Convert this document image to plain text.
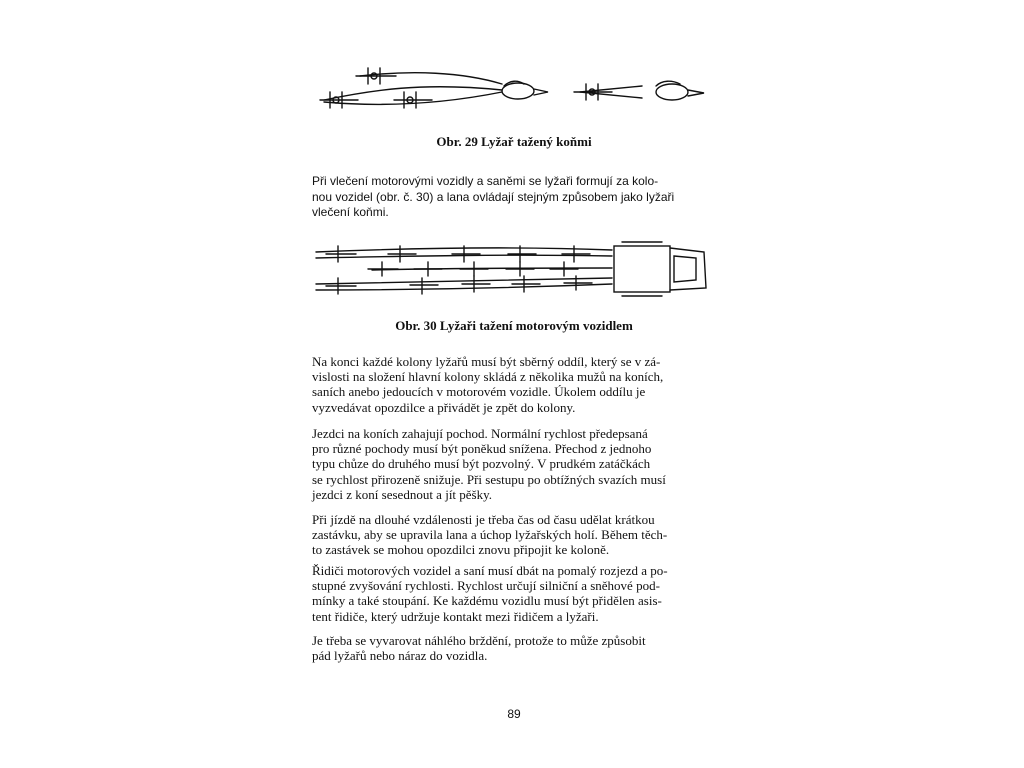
Obr. 29 Lyžař tažený koňmi

Při vlečení motorovými vozidly a saněmi se lyžaři formují za kolo-
nou vozidel (obr. č. 30) a lana ovládají stejným způsobem jako lyžaři
vlečení koňmi.

Obr. 30 Lyžaři tažení motorovým vozidlem

Na konci každé kolony lyžařů musí být sběrný oddíl, který se v zá-
vislosti na složení hlavní kolony skládá z několika mužů na koních,
saních anebo jedoucích v motorovém vozidle. Úkolem oddílu je
vyzvedávat opozdilce a přivádět je zpět do kolony.

Jezdci na koních zahajují pochod. Normální rychlost předepsaná
pro různé pochody musí být poněkud snížena. Přechod z jednoho
typu chůze do druhého musí být pozvolný. V prudkém zatáčkách
se rychlost přirozeně snižuje. Při sestupu po obtížných svazích musí
jezdci z koní sesednout a jít pěšky.

Při jízdě na dlouhé vzdálenosti je třeba čas od času udělat krátkou
zastávku, aby se upravila lana a úchop lyžařských holí. Během těch-
to zastávek se mohou opozdilci znovu připojit ke koloně.

Řidiči motorových vozidel a saní musí dbát na pomalý rozjezd a po-
stupné zvyšování rychlosti. Rychlost určují silniční a sněhové pod-
mínky a také stoupání. Ke každému vozidlu musí být přidělen asis-
tent řidiče, který udržuje kontakt mezi řidičem a lyžaři.

Je třeba se vyvarovat náhlého brždění, protože to může způsobit
pád lyžařů nebo náraz do vozidla.

89
